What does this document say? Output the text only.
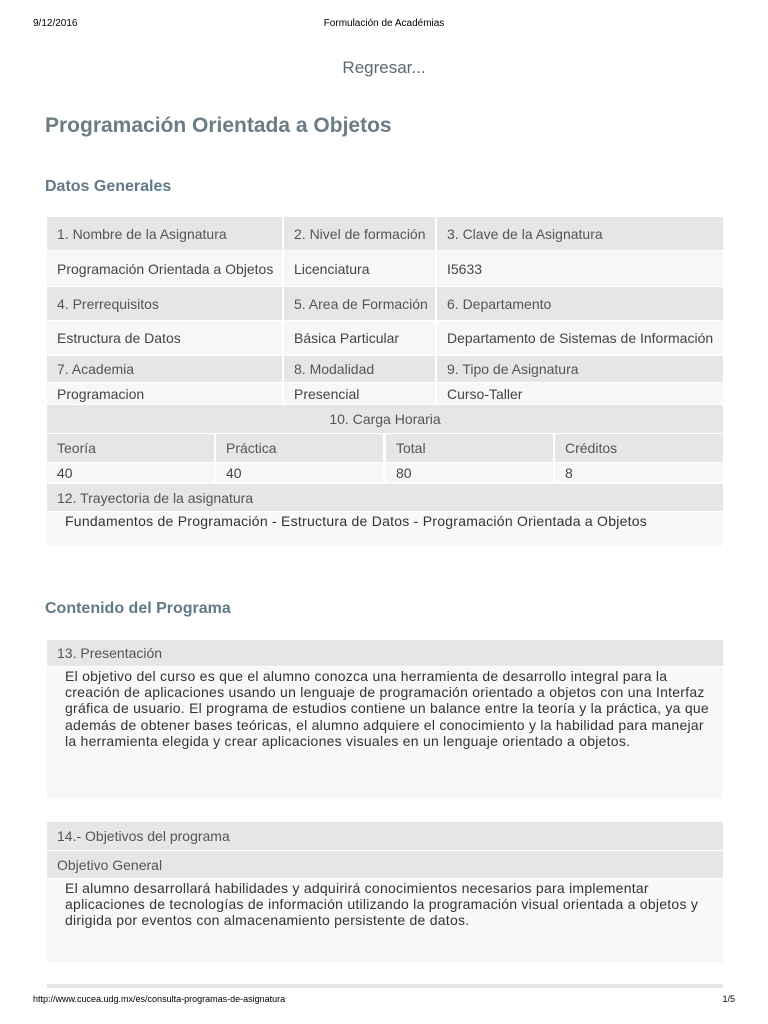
9/12/2016	Formulación de Académias
Regresar...
Programación Orientada a Objetos
Datos Generales
1. Nombre de la Asignatura	2. Nivel de formación	3. Clave de la Asignatura
Programación Orientada a Objetos	Licenciatura	I5633
4. Prerrequisitos	5. Area de Formación	6. Departamento
Estructura de Datos	Básica Particular	Departamento de Sistemas de Información
7. Academia	8. Modalidad	9. Tipo de Asignatura
Programacion	Presencial	Curso-Taller
10. Carga Horaria
Teoría	Práctica	Total	Créditos
40	40	80	8
12. Trayectoria de la asignatura
Fundamentos de Programación - Estructura de Datos - Programación Orientada a Objetos
Contenido del Programa
13. Presentación
El objetivo del curso es que el alumno conozca una herramienta de desarrollo integral para la creación de aplicaciones usando un lenguaje de programación orientado a objetos con una Interfaz gráfica de usuario. El programa de estudios contiene un balance entre la teoría y la práctica, ya que además de obtener bases teóricas, el alumno adquiere el conocimiento y la habilidad para manejar la herramienta elegida y crear aplicaciones visuales en un lenguaje orientado a objetos.
14.- Objetivos del programa
Objetivo General
El alumno desarrollará habilidades y adquirirá conocimientos necesarios para implementar aplicaciones de tecnologías de información utilizando la programación visual orientada a objetos y dirigida por eventos con almacenamiento persistente de datos.
http://www.cucea.udg.mx/es/consulta-programas-de-asignatura	1/5
